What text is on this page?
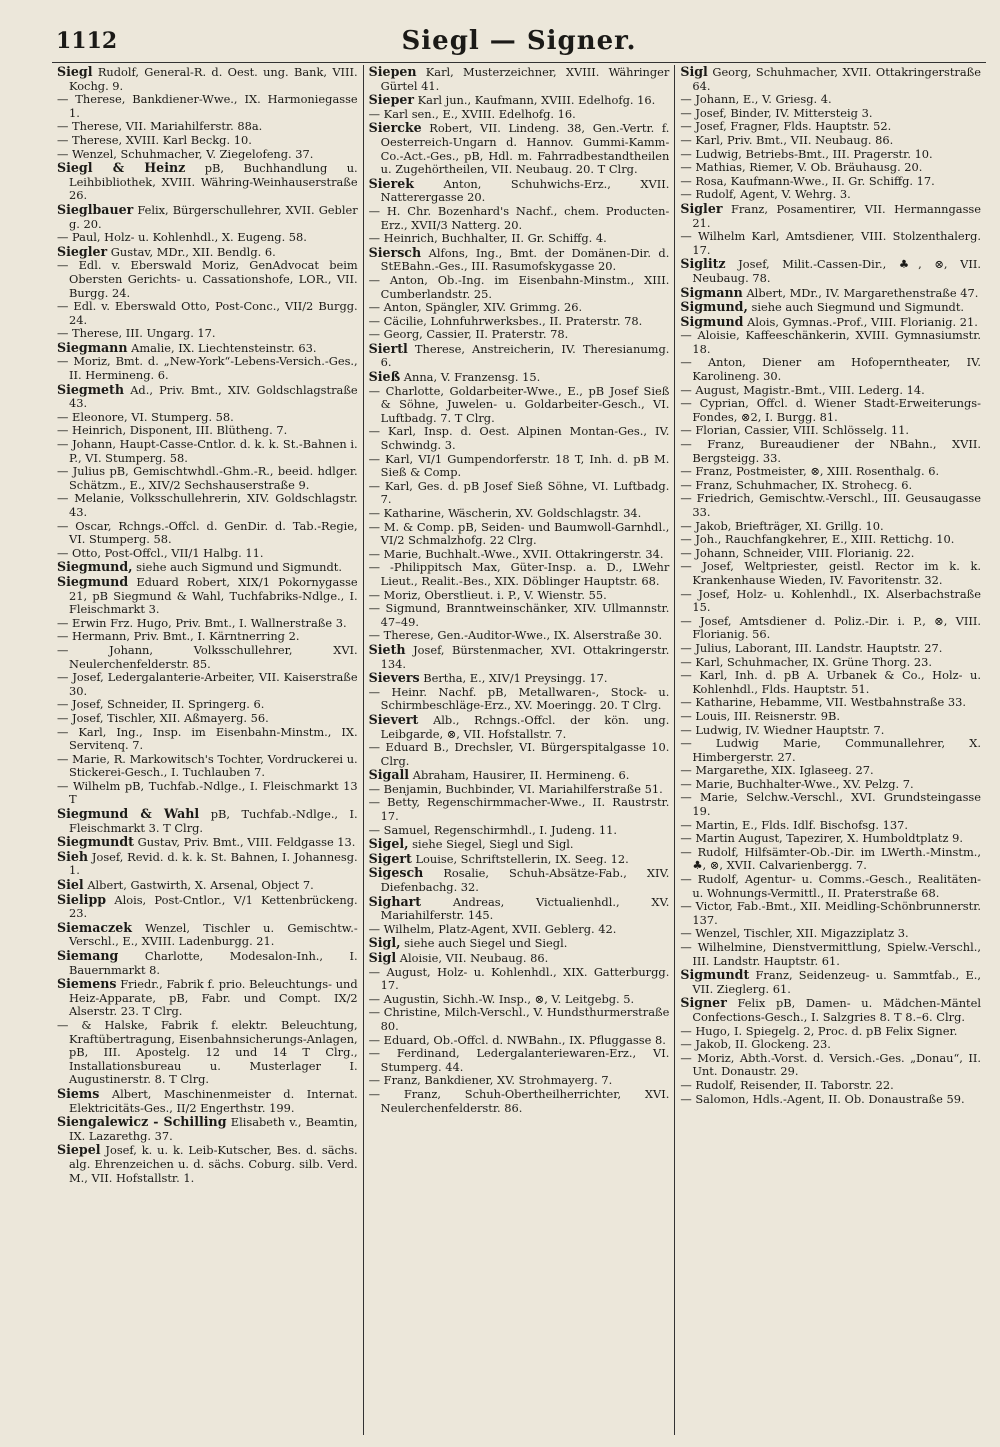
1112	Siegl — Signer.
Siegl Rudolf, General-R. d. Oest. ung. Bank, VIII. Kochg. 9.
— Therese, Bankdiener-Wwe., IX. Harmoniegasse 1.
— Therese, VII. Mariahilferstr. 88a.
— Therese, XVIII. Karl Beckg. 10.
— Wenzel, Schuhmacher, V. Ziegelofeng. 37.
Siegl & Heinz pB, Buchhandlung u. Leihbibliothek, XVIII. Währing-Weinhauserstraße 26.
Sieglbauer Felix, Bürgerschullehrer, XVII. Gebler g. 20.
— Paul, Holz- u. Kohlenhdl., X. Eugeng. 58.
Siegler Gustav, MDr., XII. Bendlg. 6.
— Edl. v. Eberswald Moriz, GenAdvocat beim Obersten Gerichts- u. Cassationshofe, LOR., VII. Burgg. 24.
— Edl. v. Eberswald Otto, Post-Conc., VII/2 Burgg. 24.
— Therese, III. Ungarg. 17.
Siegmann Amalie, IX. Liechtensteinstr. 63.
— Moriz, Bmt. d. „New-York“-Lebens-Versich.-Ges., II. Hermineng. 6.
Siegmeth Ad., Priv. Bmt., XIV. Goldschlagstraße 43.
— Eleonore, VI. Stumperg. 58.
— Heinrich, Disponent, III. Blütheng. 7.
— Johann, Haupt-Casse-Cntlor. d. k. k. St.-Bahnen i. P., VI. Stumperg. 58.
— Julius pB, Gemischtwhdl.-Ghm.-R., beeid. hdlger. Schätzm., E., XIV/2 Sechshauserstraße 9.
— Melanie, Volksschullehrerin, XIV. Goldschlagstr. 43.
— Oscar, Rchngs.-Offcl. d. GenDir. d. Tab.-Regie, VI. Stumperg. 58.
— Otto, Post-Offcl., VII/1 Halbg. 11.
Siegmund, siehe auch Sigmund und Sigmundt.
Siegmund Eduard Robert, XIX/1 Pokornygasse 21, pB Siegmund & Wahl, Tuchfabriks-Ndlge., I. Fleischmarkt 3.
— Erwin Frz. Hugo, Priv. Bmt., I. Wallnerstraße 3.
— Hermann, Priv. Bmt., I. Kärntnerring 2.
— Johann, Volksschullehrer, XVI. Neulerchenfelderstr. 85.
— Josef, Ledergalanterie-Arbeiter, VII. Kaiserstraße 30.
— Josef, Schneider, II. Springerg. 6.
— Josef, Tischler, XII. Aßmayerg. 56.
— Karl, Ing., Insp. im Eisenbahn-Minstm., IX. Servitenq. 7.
— Marie, R. Markowitsch's Tochter, Vordruckerei u. Stickerei-Gesch., I. Tuchlauben 7.
— Wilhelm pB, Tuchfab.-Ndlge., I. Fleischmarkt 13 T
Siegmund & Wahl pB, Tuchfab.-Ndlge., I. Fleischmarkt 3. T Clrg.
Siegmundt Gustav, Priv. Bmt., VIII. Feldgasse 13.
Sieh Josef, Revid. d. k. k. St. Bahnen, I. Johannesg. 1.
Siel Albert, Gastwirth, X. Arsenal, Object 7.
Sielipp Alois, Post-Cntlor., V/1 Kettenbrückeng. 23.
Siemaczek Wenzel, Tischler u. Gemischtw.-Verschl., E., XVIII. Ladenburgg. 21.
Siemang Charlotte, Modesalon-Inh., I. Bauernmarkt 8.
Siemens Friedr., Fabrik f. prio. Beleuchtungs- und Heiz-Apparate, pB, Fabr. und Compt. IX/2 Alserstr. 23. T Clrg.
— & Halske, Fabrik f. elektr. Beleuchtung, Kraftübertragung, Eisenbahnsicherungs-Anlagen, pB, III. Apostelg. 12 und 14 T Clrg., Installationsbureau u. Musterlager I. Augustinerstr. 8. T Clrg.
Siems Albert, Maschinenmeister d. Internat. Elektricitäts-Ges., II/2 Engerthstr. 199.
Siengalewicz - Schilling Elisabeth v., Beamtin, IX. Lazarethg. 37.
Siepel Josef, k. u. k. Leib-Kutscher, Bes. d. sächs. alg. Ehrenzeichen u. d. sächs. Coburg. silb. Verd. M., VII. Hofstallstr. 1.
Siepen Karl, Musterzeichner, XVIII. Währinger Gürtel 41.
Sieper Karl jun., Kaufmann, XVIII. Edelhofg. 16.
— Karl sen., E., XVIII. Edelhofg. 16.
Siercke Robert, VII. Lindeng. 38, Gen.-Vertr. f. Oesterreich-Ungarn d. Hannov. Gummi-Kamm-Co.-Act.-Ges., pB, Hdl. m. Fahrradbestandtheilen u. Zugehörtheilen, VII. Neubaug. 20. T Clrg.
Sierek	Anton, Schuhwichs-Erz., XVII. Natterergasse 20.
— H. Chr. Bozenhard's Nachf., chem. Producten-Erz., XVII/3 Natterg. 20.
— Heinrich, Buchhalter, II. Gr. Schiffg. 4.
Siersch Alfons, Ing., Bmt. der Domänen-Dir. d. StEBahn.-Ges., III. Rasumofskygasse 20.
— Anton, Ob.-Ing. im Eisenbahn-Minstm., XIII. Cumberlandstr. 25.
— Anton, Spängler, XIV. Grimmg. 26.
— Cäcilie, Lohnfuhrwerksbes., II. Praterstr. 78.
— Georg, Cassier, II. Praterstr. 78.
Siertl Therese, Anstreicherin, IV. Theresianumg. 6.
Sieß Anna, V. Franzensg. 15.
— Charlotte, Goldarbeiter-Wwe., E., pB Josef Sieß & Söhne, Juwelen- u. Goldarbeiter-Gesch., VI. Luftbadg. 7. T Clrg.
— Karl, Insp. d. Oest. Alpinen Montan-Ges., IV. Schwindg. 3.
— Karl, VI/1 Gumpendorferstr. 18 T, Inh. d. pB M. Sieß & Comp.
— Karl, Ges. d. pB Josef Sieß Söhne, VI. Luftbadg. 7.
— Katharine, Wäscherin, XV. Goldschlagstr. 34.
— M. & Comp. pB, Seiden- und Baumwoll-Garnhdl., VI/2 Schmalzhofg. 22 Clrg.
— Marie, Buchhalt.-Wwe., XVII. Ottakringerstr. 34.
— -Philippitsch Max, Güter-Insp. a. D., LWehr Lieut., Realit.-Bes., XIX. Döblinger Hauptstr. 68.
— Moriz, Oberstlieut. i. P., V. Wienstr. 55.
— Sigmund, Branntweinschänker, XIV. Ullmannstr. 47–49.
— Therese, Gen.-Auditor-Wwe., IX. Alserstraße 30.
Sieth Josef, Bürstenmacher, XVI. Ottakringerstr. 134.
Sievers Bertha, E., XIV/1 Preysingg. 17.
— Heinr. Nachf. pB, Metallwaren-, Stock- u. Schirmbeschläge-Erz., XV. Moeringg. 20. T Clrg.
Sievert Alb., Rchngs.-Offcl. der kön. ung. Leibgarde, ⊗, VII. Hofstallstr. 7.
— Eduard B., Drechsler, VI. Bürgerspitalgasse 10. Clrg.
Sigall Abraham, Hausirer, II. Hermineng. 6.
— Benjamin, Buchbinder, VI. Mariahilferstraße 51.
— Betty, Regenschirmmacher-Wwe., II. Raustrstr. 17.
— Samuel, Regenschirmhdl., I. Judeng. 11.
Sigel, siehe Siegel, Siegl und Sigl.
Sigert Louise, Schriftstellerin, IX. Seeg. 12.
Sigesch Rosalie, Schuh-Absätze-Fab., XIV. Diefenbachg. 32.
Sighart	Andreas, Victualienhdl., XV. Mariahilferstr. 145.
— Wilhelm, Platz-Agent, XVII. Geblerg. 42.
Sigl, siehe auch Siegel und Siegl.
Sigl Aloisie, VII. Neubaug. 86.
— August, Holz- u. Kohlenhdl., XIX. Gatterburgg. 17.
— Augustin, Sichh.-W. Insp., ⊗, V. Leitgebg. 5.
— Christine, Milch-Verschl., V. Hundsthurmerstraße 80.
— Eduard, Ob.-Offcl. d. NWBahn., IX. Pfluggasse 8.
— Ferdinand, Ledergalanteriewaren-Erz., VI. Stumperg. 44.
— Franz, Bankdiener, XV. Strohmayerg. 7.
— Franz, Schuh-Obertheilherrichter, XVI. Neulerchenfelderstr. 86.
Sigl Georg, Schuhmacher, XVII. Ottakringerstraße 64.
— Johann, E., V. Griesg. 4.
— Josef, Binder, IV. Mittersteig 3.
— Josef, Fragner, Flds. Hauptstr. 52.
— Karl, Priv. Bmt., VII. Neubaug. 86.
— Ludwig, Betriebs-Bmt., III. Pragerstr. 10.
— Mathias, Riemer, V. Ob. Bräuhausg. 20.
— Rosa, Kaufmann-Wwe., II. Gr. Schiffg. 17.
— Rudolf, Agent, V. Wehrg. 3.
Sigler Franz, Posamentirer, VII. Hermanngasse 21.
— Wilhelm Karl, Amtsdiener, VIII. Stolzenthalerg. 17.
Siglitz Josef, Milit.-Cassen-Dir., ♣, ⊗, VII. Neubaug. 78.
Sigmann Albert, MDr., IV. Margarethenstraße 47.
Sigmund, siehe auch Siegmund und Sigmundt.
Sigmund Alois, Gymnas.-Prof., VIII. Florianig. 21.
— Aloisie, Kaffeeschänkerin, XVIII. Gymnasiumstr. 18.
— Anton, Diener am Hofoperntheater, IV. Karolineng. 30.
— August, Magistr.-Bmt., VIII. Lederg. 14.
— Cyprian, Offcl. d. Wiener Stadt-Erweiterungs-Fondes, ⊗2, I. Burgg. 81.
— Florian, Cassier, VIII. Schlösselg. 11.
— Franz, Bureaudiener der NBahn., XVII. Bergsteigg. 33.
— Franz, Postmeister, ⊗, XIII. Rosenthalg. 6.
— Franz, Schuhmacher, IX. Strohecg. 6.
— Friedrich, Gemischtw.-Verschl., III. Geusaugasse 33.
— Jakob, Briefträger, XI. Grillg. 10.
— Joh., Rauchfangkehrer, E., XIII. Rettichg. 10.
— Johann, Schneider, VIII. Florianig. 22.
— Josef, Weltpriester, geistl. Rector im k. k. Krankenhause Wieden, IV. Favoritenstr. 32.
— Josef, Holz- u. Kohlenhdl., IX. Alserbachstraße 15.
— Josef, Amtsdiener d. Poliz.-Dir. i. P., ⊗, VIII. Florianig. 56.
— Julius, Laborant, III. Landstr. Hauptstr. 27.
— Karl, Schuhmacher, IX. Grüne Thorg. 23.
— Karl, Inh. d. pB A. Urbanek & Co., Holz- u. Kohlenhdl., Flds. Hauptstr. 51.
— Katharine, Hebamme, VII. Westbahnstraße 33.
— Louis, III. Reisnerstr. 9B.
— Ludwig, IV. Wiedner Hauptstr. 7.
— Ludwig Marie, Communallehrer, X. Himbergerstr. 27.
— Margarethe, XIX. Iglaseeg. 27.
— Marie, Buchhalter-Wwe., XV. Pelzg. 7.
— Marie, Selchw.-Verschl., XVI. Grundsteingasse 19.
— Martin, E., Flds. Idlf. Bischofsg. 137.
— Martin August, Tapezirer, X. Humboldtplatz 9.
— Rudolf, Hilfsämter-Ob.-Dir. im LWerth.-Minstm., ♣, ⊗, XVII. Calvarienbergg. 7.
— Rudolf, Agentur- u. Comms.-Gesch., Realitäten- u. Wohnungs-Vermittl., II. Praterstraße 68.
— Victor, Fab.-Bmt., XII. Meidling-Schönbrunnerstr. 137.
— Wenzel, Tischler, XII. Migazziplatz 3.
— Wilhelmine, Dienstvermittlung, Spielw.-Verschl., III. Landstr. Hauptstr. 61.
Sigmundt Franz, Seidenzeug- u. Sammtfab., E., VII. Zieglerg. 61.
Signer Felix pB, Damen- u. Mädchen-Mäntel Confections-Gesch., I. Salzgries 8. T 8.–6. Clrg.
— Hugo, I. Spiegelg. 2, Proc. d. pB Felix Signer.
— Jakob, II. Glockeng. 23.
— Moriz, Abth.-Vorst. d. Versich.-Ges. „Donau“, II. Unt. Donaustr. 29.
— Rudolf, Reisender, II. Taborstr. 22.
— Salomon, Hdls.-Agent, II. Ob. Donaustraße 59.
